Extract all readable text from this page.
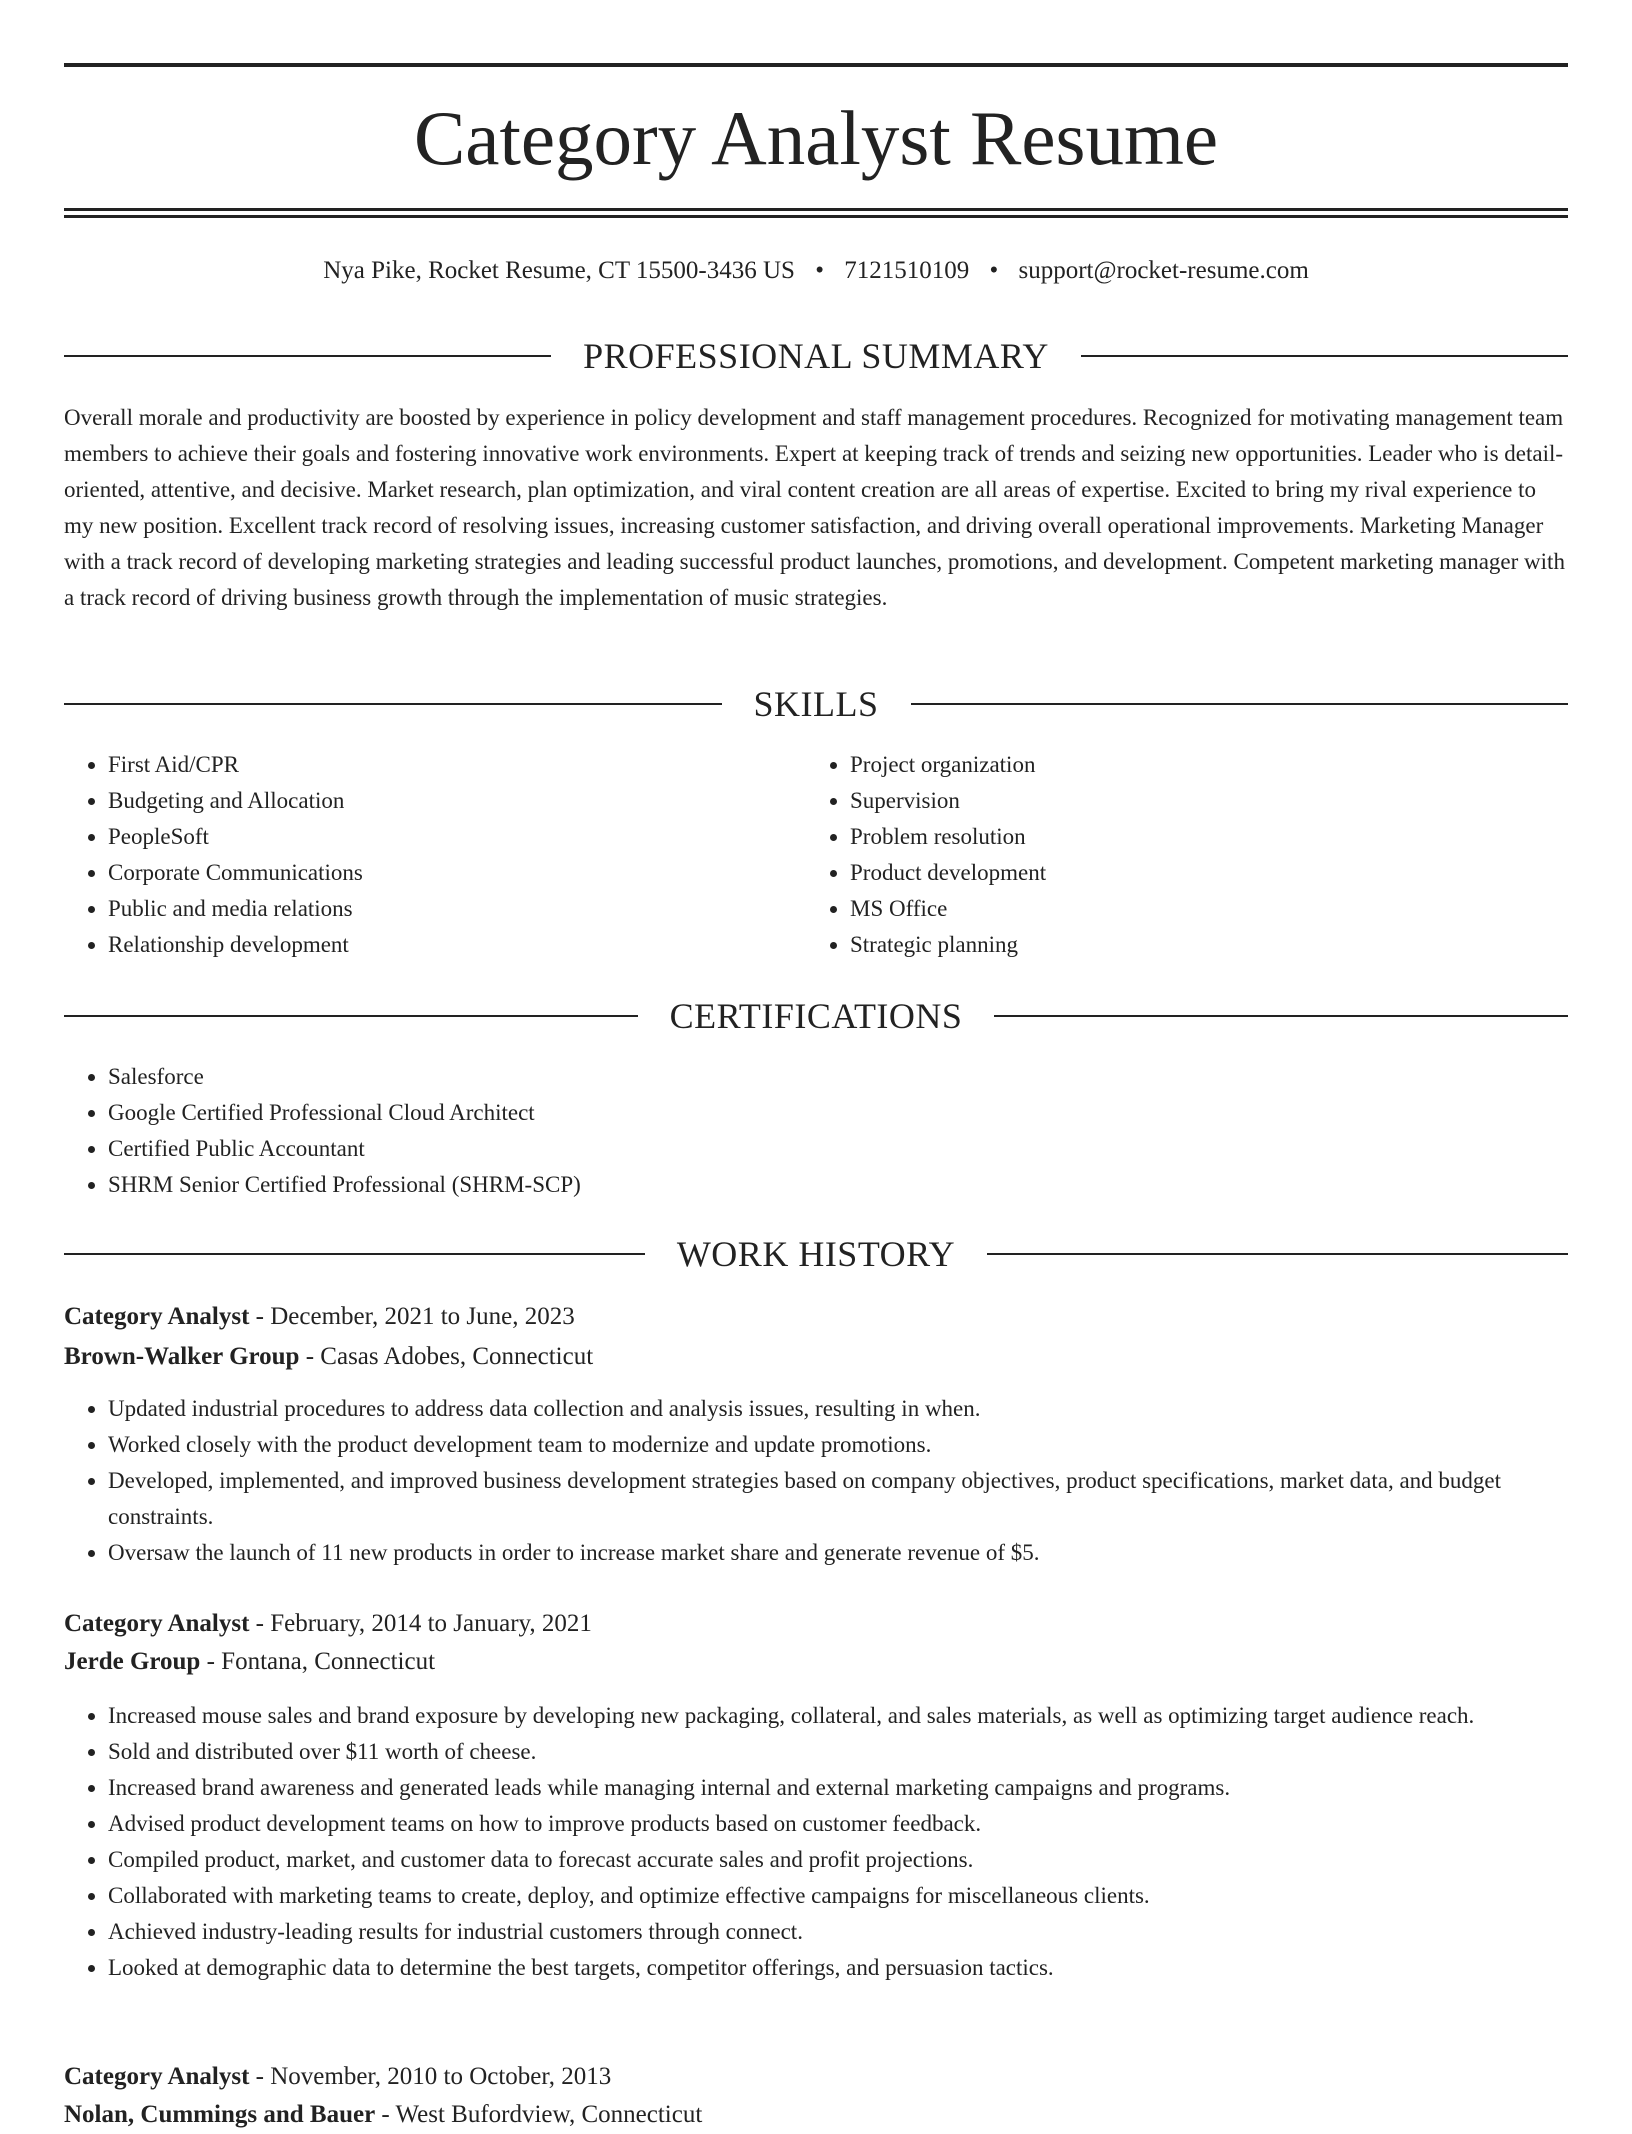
Category Analyst Resume
Nya Pike, Rocket Resume, CT 15500-3436 US • 7121510109 • support@rocket-resume.com
PROFESSIONAL SUMMARY

Overall morale and productivity are boosted by experience in policy development and staff management procedures. Recognized for motivating management team members to achieve their goals and fostering innovative work environments. Expert at keeping track of trends and seizing new opportunities. Leader who is detail-oriented, attentive, and decisive. Market research, plan optimization, and viral content creation are all areas of expertise. Excited to bring my rival experience to my new position. Excellent track record of resolving issues, increasing customer satisfaction, and driving overall operational improvements. Marketing Manager with a track record of developing marketing strategies and leading successful product launches, promotions, and development. Competent marketing manager with a track record of driving business growth through the implementation of music strategies.

SKILLS
• First Aid/CPR
• Budgeting and Allocation
• PeopleSoft
• Corporate Communications
• Public and media relations
• Relationship development
• Project organization
• Supervision
• Problem resolution
• Product development
• MS Office
• Strategic planning
CERTIFICATIONS
• Salesforce
• Google Certified Professional Cloud Architect
• Certified Public Accountant
• SHRM Senior Certified Professional (SHRM-SCP)
WORK HISTORY
Category Analyst - December, 2021 to June, 2023
Brown-Walker Group - Casas Adobes, Connecticut
• Updated industrial procedures to address data collection and analysis issues, resulting in when.
• Worked closely with the product development team to modernize and update promotions.
• Developed, implemented, and improved business development strategies based on company objectives, product specifications, market data, and budget constraints.
• Oversaw the launch of 11 new products in order to increase market share and generate revenue of $5.
Category Analyst - February, 2014 to January, 2021
Jerde Group - Fontana, Connecticut
• Increased mouse sales and brand exposure by developing new packaging, collateral, and sales materials, as well as optimizing target audience reach.
• Sold and distributed over $11 worth of cheese.
• Increased brand awareness and generated leads while managing internal and external marketing campaigns and programs.
• Advised product development teams on how to improve products based on customer feedback.
• Compiled product, market, and customer data to forecast accurate sales and profit projections.
• Collaborated with marketing teams to create, deploy, and optimize effective campaigns for miscellaneous clients.
• Achieved industry-leading results for industrial customers through connect.
• Looked at demographic data to determine the best targets, competitor offerings, and persuasion tactics.
Category Analyst - November, 2010 to October, 2013
Nolan, Cummings and Bauer - West Bufordview, Connecticut
